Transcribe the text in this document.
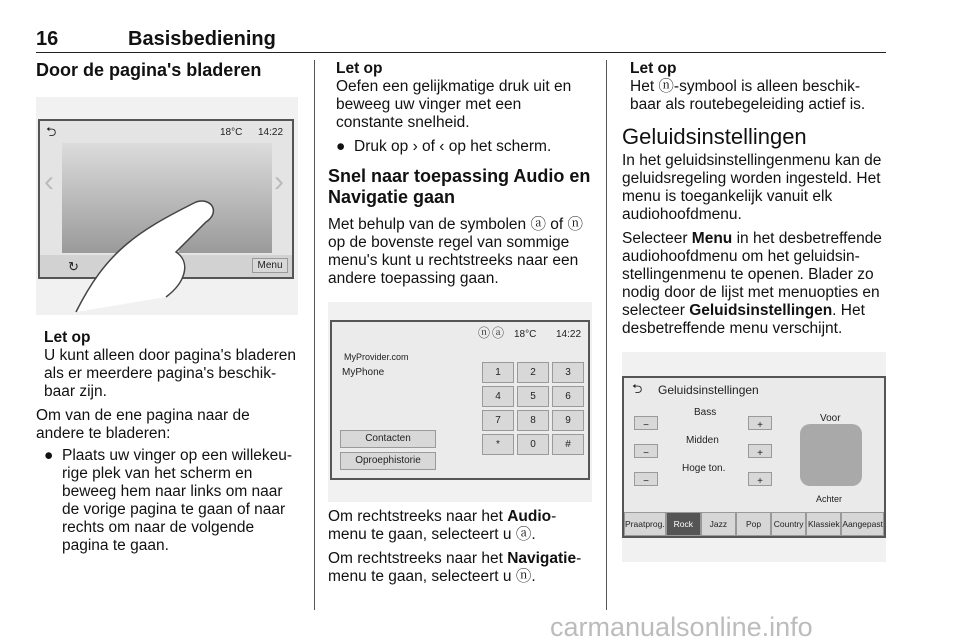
16	Basisbediening
Door de pagina's bladeren
⮌	18°C 14:22
‹	›
↻	Menu
Let op
U kunt alleen door pagina's bladeren als er meerdere pagina's beschik-baar zijn.

Om van de ene pagina naar de andere te bladeren:

● Plaats uw vinger op een willekeu-rige plek van het scherm en beweeg hem naar links om naar de vorige pagina te gaan of naar rechts om naar de volgende pagina te gaan.
Let op
Oefen een gelijkmatige druk uit en beweeg uw vinger met een constante snelheid.
● Druk op › of ‹ op het scherm.
Snel naar toepassing Audio en Navigatie gaan

Met behulp van de symbolen ⓐ of ⓝ op de bovenste regel van sommige menu's kunt u rechtstreeks naar een andere toepassing gaan.

ⓝ ⓐ 18°C 14:22
MyProvider.com
MyPhone	1	2	3
4	5	6
7	8	9
*	0	#
Contacten
Oproephistorie

Om rechtstreeks naar het Audio-menu te gaan, selecteert u ⓐ.

Om rechtstreeks naar het Navigatie-menu te gaan, selecteert u ⓝ.

Let op
Het ⓝ-symbool is alleen beschik-baar als routebegeleiding actief is.
Geluidsinstellingen

In het geluidsinstellingenmenu kan de geluidsregeling worden ingesteld. Het menu is toegankelijk vanuit elk audiohoofdmenu.

Selecteer Menu in het desbetreffende audiohoofdmenu om het geluidsin-stellingenmenu te openen. Blader zo nodig door de lijst met menuopties en selecteer Geluidsinstellingen. Het desbetreffende menu verschijnt.

⮌ Geluidsinstellingen
Bass
Midden
Hoge ton.
−	+
−	+
−	+
Voor
Achter
Praatprog.	Rock	Jazz	Pop	Country Klassiek Aangepast
carmanualsonline.info
